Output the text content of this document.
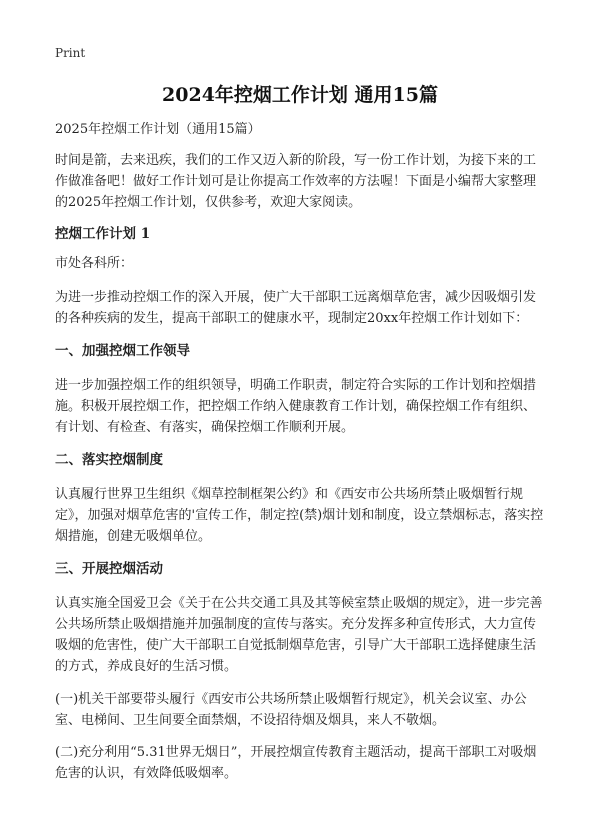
Print
2024年控烟工作计划 通用15篇

2025年控烟工作计划（通用15篇）

时间是箭，去来迅疾，我们的工作又迈入新的阶段，写一份工作计划，为接下来的工作做准备吧！做好工作计划可是让你提高工作效率的方法喔！下面是小编帮大家整理的2025年控烟工作计划，仅供参考，欢迎大家阅读。

控烟工作计划 1

市处各科所：

为进一步推动控烟工作的深入开展，使广大干部职工远离烟草危害，减少因吸烟引发的各种疾病的发生，提高干部职工的健康水平，现制定20xx年控烟工作计划如下：

一、加强控烟工作领导

进一步加强控烟工作的组织领导，明确工作职责，制定符合实际的工作计划和控烟措施。积极开展控烟工作，把控烟工作纳入健康教育工作计划，确保控烟工作有组织、有计划、有检查、有落实，确保控烟工作顺利开展。

二、落实控烟制度

认真履行世界卫生组织《烟草控制框架公约》和《西安市公共场所禁止吸烟暂行规定》，加强对烟草危害的'宣传工作，制定控(禁)烟计划和制度，设立禁烟标志，落实控烟措施，创建无吸烟单位。

三、开展控烟活动

认真实施全国爱卫会《关于在公共交通工具及其等候室禁止吸烟的规定》，进一步完善公共场所禁止吸烟措施并加强制度的宣传与落实。充分发挥多种宣传形式，大力宣传吸烟的危害性，使广大干部职工自觉抵制烟草危害，引导广大干部职工选择健康生活的方式，养成良好的生活习惯。

(一)机关干部要带头履行《西安市公共场所禁止吸烟暂行规定》，机关会议室、办公室、电梯间、卫生间要全面禁烟，不设招待烟及烟具，来人不敬烟。

(二)充分利用“5.31世界无烟日”，开展控烟宣传教育主题活动，提高干部职工对吸烟危害的认识，有效降低吸烟率。
